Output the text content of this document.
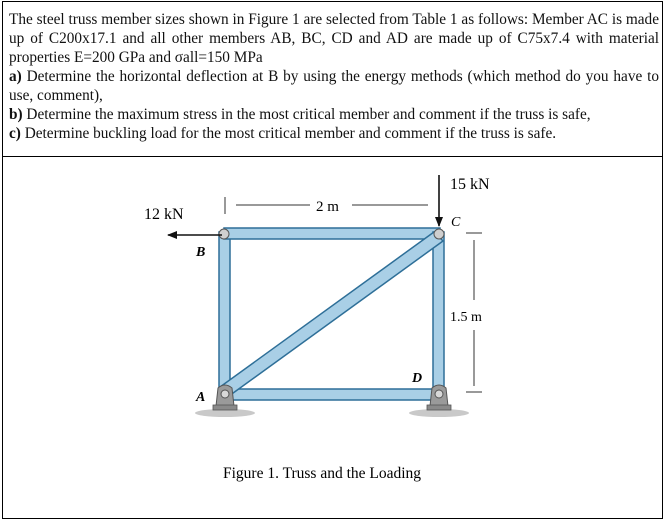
The steel truss member sizes shown in Figure 1 are selected from Table 1 as follows: Member AC is made up of C200x17.1 and all other members AB, BC, CD and AD are made up of C75x7.4 with material properties E=200 GPa and σall=150 MPa

a) Determine the horizontal deflection at B by using the energy methods (which method do you have to use, comment),

b) Determine the maximum stress in the most critical member and comment if the truss is safe,

c) Determine buckling load for the most critical member and comment if the truss is safe.

15 kN
12 kN	2 m
1.5 m
B
C
D
A
Figure 1. Truss and the Loading
